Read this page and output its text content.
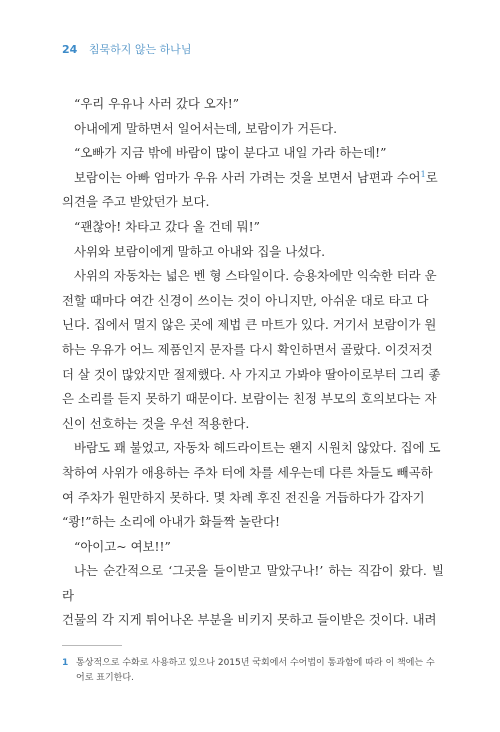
24 침묵하지 않는 하나님

“우리 우유나 사러 갔다 오자!”

아내에게 말하면서 일어서는데, 보람이가 거든다.

“오빠가 지금 밖에 바람이 많이 분다고 내일 가라 하는데!”

보람이는 아빠 엄마가 우유 사러 가려는 것을 보면서 남편과 수어$^1$로

의견을 주고 받았던가 보다.

“괜찮아! 차타고 갔다 올 건데 뭐!”

사위와 보람이에게 말하고 아내와 집을 나섰다.

사위의 자동차는 넓은 벤 형 스타일이다. 승용차에만 익숙한 터라 운

전할 때마다 여간 신경이 쓰이는 것이 아니지만, 아쉬운 대로 타고 다

닌다. 집에서 멀지 않은 곳에 제법 큰 마트가 있다. 거기서 보람이가 원

하는 우유가 어느 제품인지 문자를 다시 확인하면서 골랐다. 이것저것

더 살 것이 많았지만 절제했다. 사 가지고 가봐야 딸아이로부터 그리 좋

은 소리를 듣지 못하기 때문이다. 보람이는 친정 부모의 호의보다는 자

신이 선호하는 것을 우선 적용한다.

바람도 꽤 불었고, 자동차 헤드라이트는 왠지 시원치 않았다. 집에 도

착하여 사위가 애용하는 주차 터에 차를 세우는데 다른 차들도 빼곡하

여 주차가 원만하지 못하다. 몇 차례 후진 전진을 거듭하다가 갑자기

“쾅!”하는 소리에 아내가 화들짝 놀란다!

“아이고~ 여보!!”

나는 순간적으로 ‘그곳을 들이받고 말았구나!’ 하는 직감이 왔다. 빌라

건물의 각 지게 튀어나온 부분을 비키지 못하고 들이받은 것이다. 내려

1 통상적으로 수화로 사용하고 있으나 2015년 국회에서 수어법이 통과함에 따라 이 책에는 수어로 표기한다.
